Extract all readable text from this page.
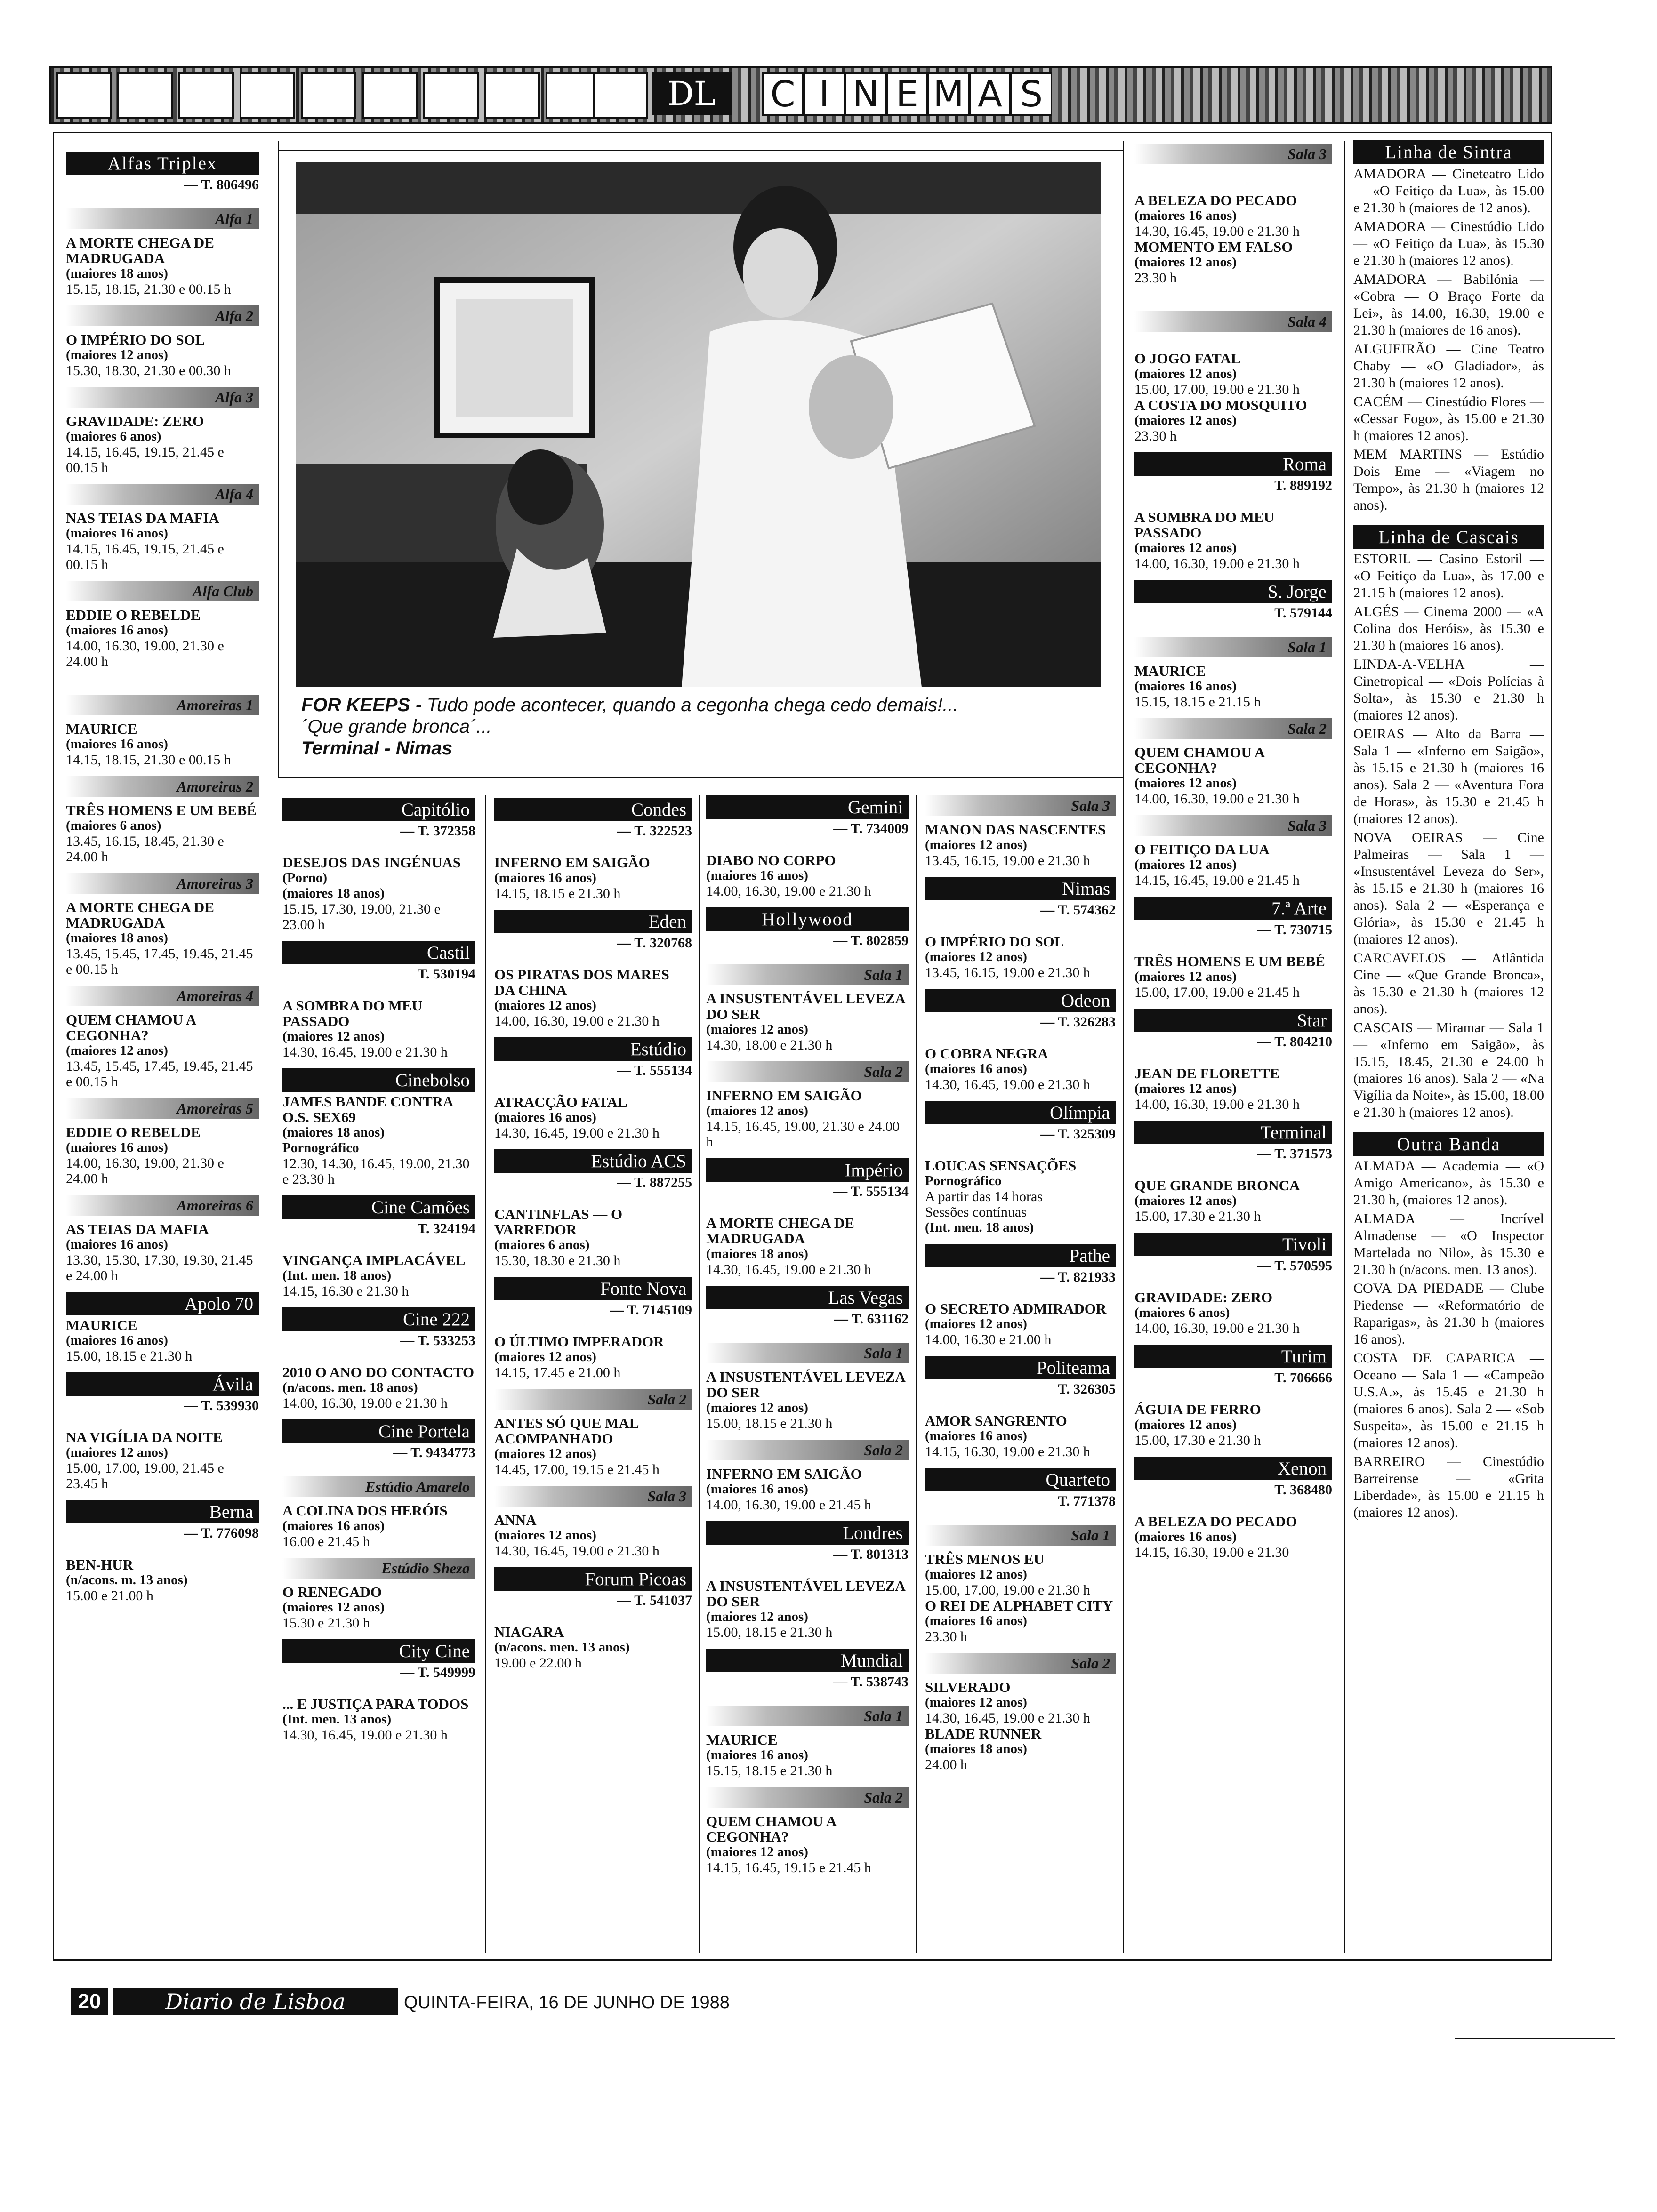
DL	C I N E M A S
FOR KEEPS - Tudo pode acontecer, quando a cegonha chega cedo demais!...
´Que grande bronca´...
Terminal - Nimas
Alfas Triplex
— T. 806496
Alfa 1
A MORTE CHEGA DE MADRUGADA
(maiores 18 anos)
15.15, 18.15, 21.30 e 00.15 h
Alfa 2
O IMPÉRIO DO SOL
(maiores 12 anos)
15.30, 18.30, 21.30 e 00.30 h
Alfa 3
GRAVIDADE: ZERO
(maiores 6 anos)
14.15, 16.45, 19.15, 21.45 e 00.15 h
Alfa 4
NAS TEIAS DA MAFIA
(maiores 16 anos)
14.15, 16.45, 19.15, 21.45 e 00.15 h
Alfa Club
EDDIE O REBELDE
(maiores 16 anos)
14.00, 16.30, 19.00, 21.30 e 24.00 h
Amoreiras 1
MAURICE
(maiores 16 anos)
14.15, 18.15, 21.30 e 00.15 h
Amoreiras 2
TRÊS HOMENS E UM BEBÉ
(maiores 6 anos)
13.45, 16.15, 18.45, 21.30 e 24.00 h
Amoreiras 3
A MORTE CHEGA DE MADRUGADA
(maiores 18 anos)
13.45, 15.45, 17.45, 19.45, 21.45 e 00.15 h
Amoreiras 4
QUEM CHAMOU A CEGONHA?
(maiores 12 anos)
13.45, 15.45, 17.45, 19.45, 21.45 e 00.15 h
Amoreiras 5
EDDIE O REBELDE
(maiores 16 anos)
14.00, 16.30, 19.00, 21.30 e 24.00 h
Amoreiras 6
AS TEIAS DA MAFIA
(maiores 16 anos)
13.30, 15.30, 17.30, 19.30, 21.45 e 24.00 h
Apolo 70
MAURICE
(maiores 16 anos)
15.00, 18.15 e 21.30 h
Ávila
— T. 539930
NA VIGÍLIA DA NOITE
(maiores 12 anos)
15.00, 17.00, 19.00, 21.45 e 23.45 h
Berna
— T. 776098
BEN-HUR
(n/acons. m. 13 anos)
15.00 e 21.00 h
Capitólio
— T. 372358
DESEJOS DAS INGÉNUAS
(Porno)
(maiores 18 anos)
15.15, 17.30, 19.00, 21.30 e 23.00 h
Castil
T. 530194
A SOMBRA DO MEU PASSADO
(maiores 12 anos)
14.30, 16.45, 19.00 e 21.30 h
Cinebolso
JAMES BANDE CONTRA O.S. SEX69
(maiores 18 anos)
Pornográfico
12.30, 14.30, 16.45, 19.00, 21.30 e 23.30 h
Cine Camões
T. 324194
VINGANÇA IMPLACÁVEL
(Int. men. 18 anos)
14.15, 16.30 e 21.30 h
Cine 222
— T. 533253
2010 O ANO DO CONTACTO
(n/acons. men. 18 anos)
14.00, 16.30, 19.00 e 21.30 h
Cine Portela
— T. 9434773
Estúdio Amarelo
A COLINA DOS HERÓIS
(maiores 16 anos)
16.00 e 21.45 h
Estúdio Sheza
O RENEGADO
(maiores 12 anos)
15.30 e 21.30 h
City Cine
— T. 549999
... E JUSTIÇA PARA TODOS
(Int. men. 13 anos)
14.30, 16.45, 19.00 e 21.30 h
Condes
— T. 322523
INFERNO EM SAIGÃO
(maiores 16 anos)
14.15, 18.15 e 21.30 h
Eden
— T. 320768
OS PIRATAS DOS MARES DA CHINA
(maiores 12 anos)
14.00, 16.30, 19.00 e 21.30 h
Estúdio
— T. 555134
ATRACÇÃO FATAL
(maiores 16 anos)
14.30, 16.45, 19.00 e 21.30 h
Estúdio ACS
— T. 887255
CANTINFLAS — O VARREDOR
(maiores 6 anos)
15.30, 18.30 e 21.30 h
Fonte Nova
— T. 7145109
O ÚLTIMO IMPERADOR
(maiores 12 anos)
14.15, 17.45 e 21.00 h
Sala 2
ANTES SÓ QUE MAL ACOMPANHADO
(maiores 12 anos)
14.45, 17.00, 19.15 e 21.45 h
Sala 3
ANNA
(maiores 12 anos)
14.30, 16.45, 19.00 e 21.30 h
Forum Picoas
— T. 541037
NIAGARA
(n/acons. men. 13 anos)
19.00 e 22.00 h
Gemini
— T. 734009
DIABO NO CORPO
(maiores 16 anos)
14.00, 16.30, 19.00 e 21.30 h
Hollywood
— T. 802859
Sala 1
A INSUSTENTÁVEL LEVEZA DO SER
(maiores 12 anos)
14.30, 18.00 e 21.30 h
Sala 2
INFERNO EM SAIGÃO
(maiores 12 anos)
14.15, 16.45, 19.00, 21.30 e 24.00 h
Império
— T. 555134
A MORTE CHEGA DE MADRUGADA
(maiores 18 anos)
14.30, 16.45, 19.00 e 21.30 h
Las Vegas
— T. 631162
Sala 1
A INSUSTENTÁVEL LEVEZA DO SER
(maiores 12 anos)
15.00, 18.15 e 21.30 h
Sala 2
INFERNO EM SAIGÃO
(maiores 16 anos)
14.00, 16.30, 19.00 e 21.45 h
Londres
— T. 801313
A INSUSTENTÁVEL LEVEZA DO SER
(maiores 12 anos)
15.00, 18.15 e 21.30 h
Mundial
— T. 538743
Sala 1
MAURICE
(maiores 16 anos)
15.15, 18.15 e 21.30 h
Sala 2
QUEM CHAMOU A CEGONHA?
(maiores 12 anos)
14.15, 16.45, 19.15 e 21.45 h
Sala 3
MANON DAS NASCENTES
(maiores 12 anos)
13.45, 16.15, 19.00 e 21.30 h
Nimas
— T. 574362
O IMPÉRIO DO SOL
(maiores 12 anos)
13.45, 16.15, 19.00 e 21.30 h
Odeon
— T. 326283
O COBRA NEGRA
(maiores 16 anos)
14.30, 16.45, 19.00 e 21.30 h
Olímpia
— T. 325309
LOUCAS SENSAÇÕES
Pornográfico
A partir das 14 horas
Sessões contínuas
(Int. men. 18 anos)
Pathe
— T. 821933
O SECRETO ADMIRADOR
(maiores 12 anos)
14.00, 16.30 e 21.00 h
Politeama
T. 326305
AMOR SANGRENTO
(maiores 16 anos)
14.15, 16.30, 19.00 e 21.30 h
Quarteto
T. 771378
Sala 1
TRÊS MENOS EU
(maiores 12 anos)
15.00, 17.00, 19.00 e 21.30 h
O REI DE ALPHABET CITY
(maiores 16 anos)
23.30 h
Sala 2
SILVERADO
(maiores 12 anos)
14.30, 16.45, 19.00 e 21.30 h
BLADE RUNNER
(maiores 18 anos)
24.00 h
Sala 3
A BELEZA DO PECADO
(maiores 16 anos)
14.30, 16.45, 19.00 e 21.30 h
MOMENTO EM FALSO
(maiores 12 anos)
23.30 h
Sala 4
O JOGO FATAL
(maiores 12 anos)
15.00, 17.00, 19.00 e 21.30 h
A COSTA DO MOSQUITO
(maiores 12 anos)
23.30 h
Roma
T. 889192
A SOMBRA DO MEU PASSADO
(maiores 12 anos)
14.00, 16.30, 19.00 e 21.30 h
S. Jorge
T. 579144
Sala 1
MAURICE
(maiores 16 anos)
15.15, 18.15 e 21.15 h
Sala 2
QUEM CHAMOU A CEGONHA?
(maiores 12 anos)
14.00, 16.30, 19.00 e 21.30 h
Sala 3
O FEITIÇO DA LUA
(maiores 12 anos)
14.15, 16.45, 19.00 e 21.45 h
7.ª Arte
— T. 730715
TRÊS HOMENS E UM BEBÉ
(maiores 12 anos)
15.00, 17.00, 19.00 e 21.45 h
Star
— T. 804210
JEAN DE FLORETTE
(maiores 12 anos)
14.00, 16.30, 19.00 e 21.30 h
Terminal
— T. 371573
QUE GRANDE BRONCA
(maiores 12 anos)
15.00, 17.30 e 21.30 h
Tivoli
— T. 570595
GRAVIDADE: ZERO
(maiores 6 anos)
14.00, 16.30, 19.00 e 21.30 h
Turim
T. 706666
ÁGUIA DE FERRO
(maiores 12 anos)
15.00, 17.30 e 21.30 h
Xenon
T. 368480
A BELEZA DO PECADO
(maiores 16 anos)
14.15, 16.30, 19.00 e 21.30
Linha de Sintra

AMADORA — Cineteatro Lido — «O Feitiço da Lua», às 15.00 e 21.30 h (maiores de 12 anos).

AMADORA — Cinestúdio Lido — «O Feitiço da Lua», às 15.30 e 21.30 h (maiores 12 anos).

AMADORA — Babilónia — «Cobra — O Braço Forte da Lei», às 14.00, 16.30, 19.00 e 21.30 h (maiores de 16 anos).

ALGUEIRÃO — Cine Teatro Chaby — «O Gladiador», às 21.30 h (maiores 12 anos).

CACÉM — Cinestúdio Flores — «Cessar Fogo», às 15.00 e 21.30 h (maiores 12 anos).

MEM MARTINS — Estúdio Dois Eme — «Viagem no Tempo», às 21.30 h (maiores 12 anos).

Linha de Cascais

ESTORIL — Casino Estoril — «O Feitiço da Lua», às 17.00 e 21.15 h (maiores 12 anos).

ALGÉS — Cinema 2000 — «A Colina dos Heróis», às 15.30 e 21.30 h (maiores 16 anos).

LINDA-A-VELHA — Cinetropical — «Dois Polícias à Solta», às 15.30 e 21.30 h (maiores 12 anos).

OEIRAS — Alto da Barra — Sala 1 — «Inferno em Saigão», às 15.15 e 21.30 h (maiores 16 anos). Sala 2 — «Aventura Fora de Horas», às 15.30 e 21.45 h (maiores 12 anos).

NOVA OEIRAS — Cine Palmeiras — Sala 1 — «Insustentável Leveza do Ser», às 15.15 e 21.30 h (maiores 16 anos). Sala 2 — «Esperança e Glória», às 15.30 e 21.45 h (maiores 12 anos).

CARCAVELOS — Atlântida Cine — «Que Grande Bronca», às 15.30 e 21.30 h (maiores 12 anos).

CASCAIS — Miramar — Sala 1 — «Inferno em Saigão», às 15.15, 18.45, 21.30 e 24.00 h (maiores 16 anos). Sala 2 — «Na Vigília da Noite», às 15.00, 18.00 e 21.30 h (maiores 12 anos).

Outra Banda

ALMADA — Academia — «O Amigo Americano», às 15.30 e 21.30 h, (maiores 12 anos).

ALMADA — Incrível Almadense — «O Inspector Martelada no Nilo», às 15.30 e 21.30 h (n/acons. men. 13 anos).

COVA DA PIEDADE — Clube Piedense — «Reformatório de Raparigas», às 21.30 h (maiores 16 anos).

COSTA DE CAPARICA — Oceano — Sala 1 — «Campeão U.S.A.», às 15.45 e 21.30 h (maiores 6 anos). Sala 2 — «Sob Suspeita», às 15.00 e 21.15 h (maiores 12 anos).

BARREIRO — Cinestúdio Barreirense — «Grita Liberdade», às 15.00 e 21.15 h (maiores 12 anos).

20	Diario de Lisboa	QUINTA-FEIRA, 16 DE JUNHO DE 1988
